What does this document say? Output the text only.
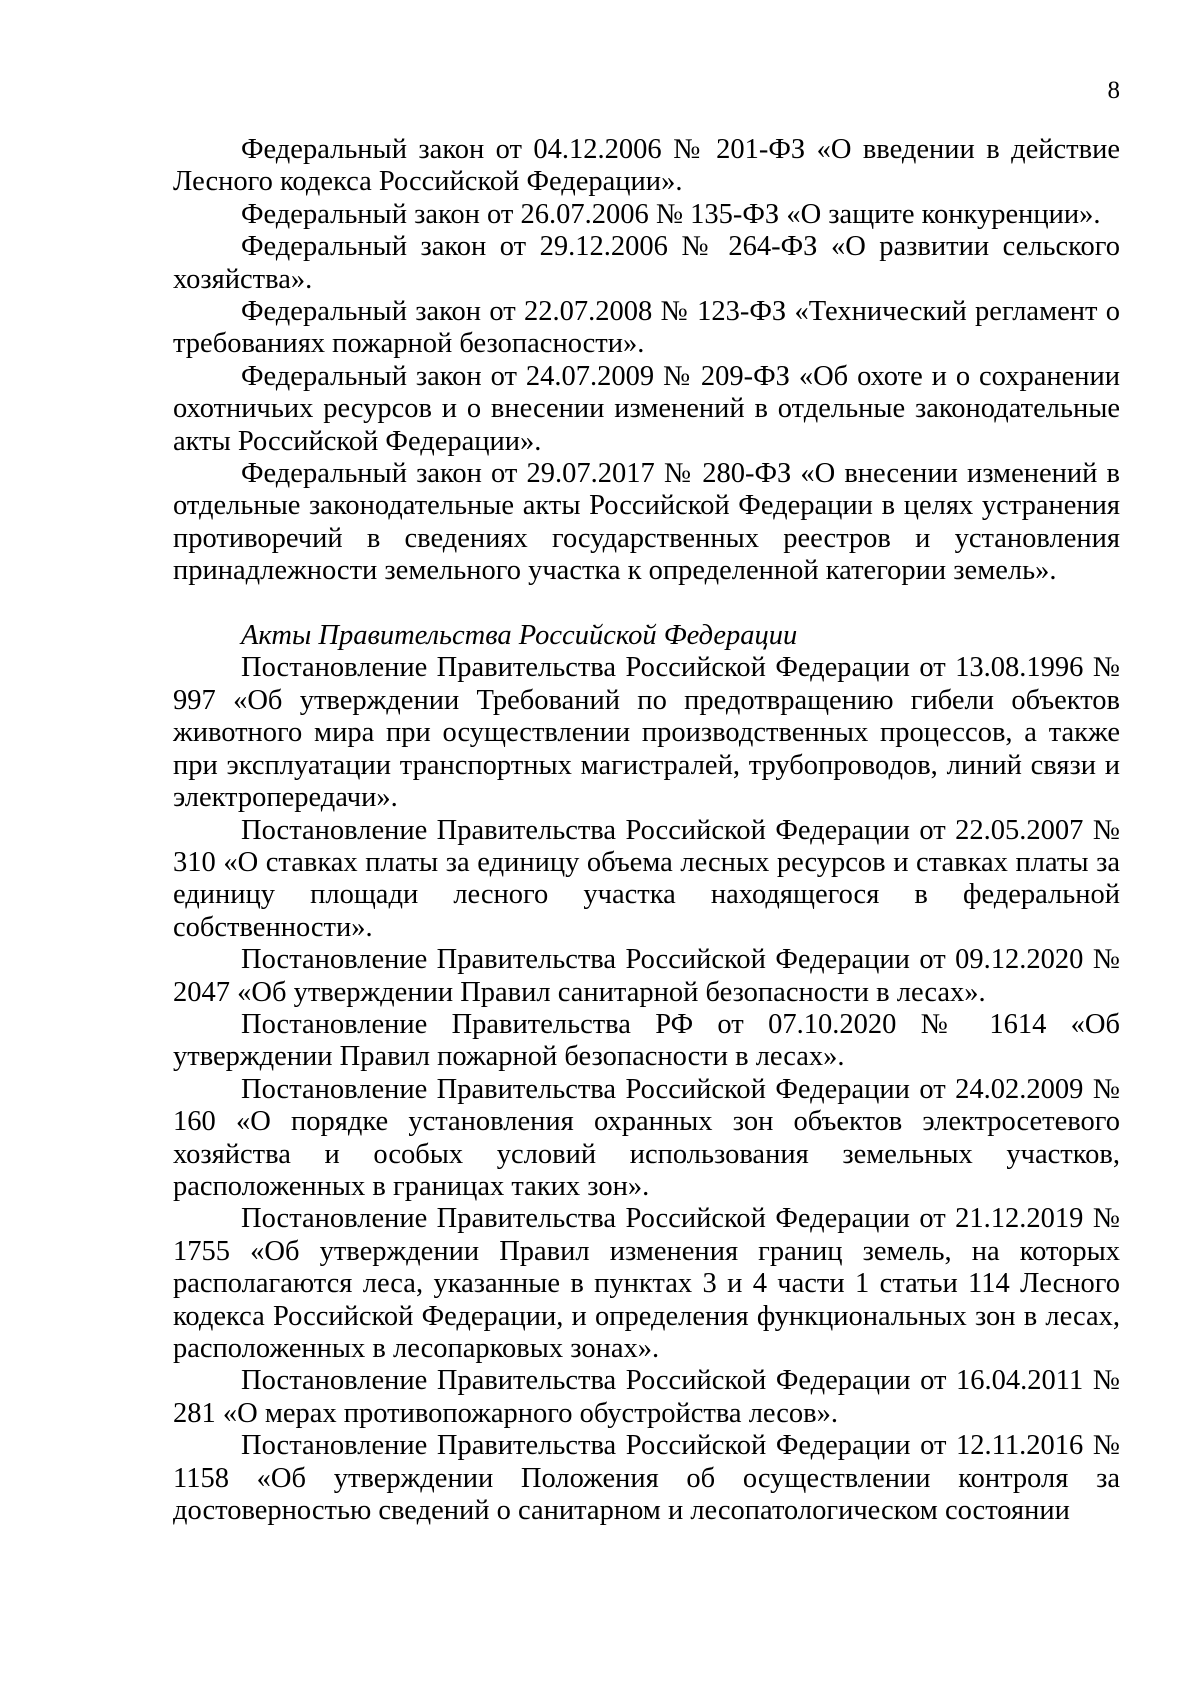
8

Федеральный закон от 04.12.2006 № 201-ФЗ «О введении в действие Лесного кодекса Российской Федерации».

Федеральный закон от 26.07.2006 № 135-ФЗ «О защите конкуренции».

Федеральный закон от 29.12.2006 № 264-ФЗ «О развитии сельского хозяйства».

Федеральный закон от 22.07.2008 № 123-ФЗ «Технический регламент о требованиях пожарной безопасности».

Федеральный закон от 24.07.2009 № 209-ФЗ «Об охоте и о сохранении охотничьих ресурсов и о внесении изменений в отдельные законодательные акты Российской Федерации».

Федеральный закон от 29.07.2017 № 280-ФЗ «О внесении изменений в отдельные законодательные акты Российской Федерации в целях устранения противоречий в сведениях государственных реестров и установления принадлежности земельного участка к определенной категории земель».

Акты Правительства Российской Федерации

Постановление Правительства Российской Федерации от 13.08.1996 № 997 «Об утверждении Требований по предотвращению гибели объектов животного мира при осуществлении производственных процессов, а также при эксплуатации транспортных магистралей, трубопроводов, линий связи и электропередачи».

Постановление Правительства Российской Федерации от 22.05.2007 № 310 «О ставках платы за единицу объема лесных ресурсов и ставках платы за единицу площади лесного участка находящегося в федеральной собственности».

Постановление Правительства Российской Федерации от 09.12.2020 № 2047 «Об утверждении Правил санитарной безопасности в лесах».

Постановление Правительства РФ от 07.10.2020 № 1614 «Об утверждении Правил пожарной безопасности в лесах».

Постановление Правительства Российской Федерации от 24.02.2009 № 160 «О порядке установления охранных зон объектов электросетевого хозяйства и особых условий использования земельных участков, расположенных в границах таких зон».

Постановление Правительства Российской Федерации от 21.12.2019 № 1755 «Об утверждении Правил изменения границ земель, на которых располагаются леса, указанные в пунктах 3 и 4 части 1 статьи 114 Лесного кодекса Российской Федерации, и определения функциональных зон в лесах, расположенных в лесопарковых зонах».

Постановление Правительства Российской Федерации от 16.04.2011 № 281 «О мерах противопожарного обустройства лесов».

Постановление Правительства Российской Федерации от 12.11.2016 № 1158 «Об утверждении Положения об осуществлении контроля за достоверностью сведений о санитарном и лесопатологическом состоянии
